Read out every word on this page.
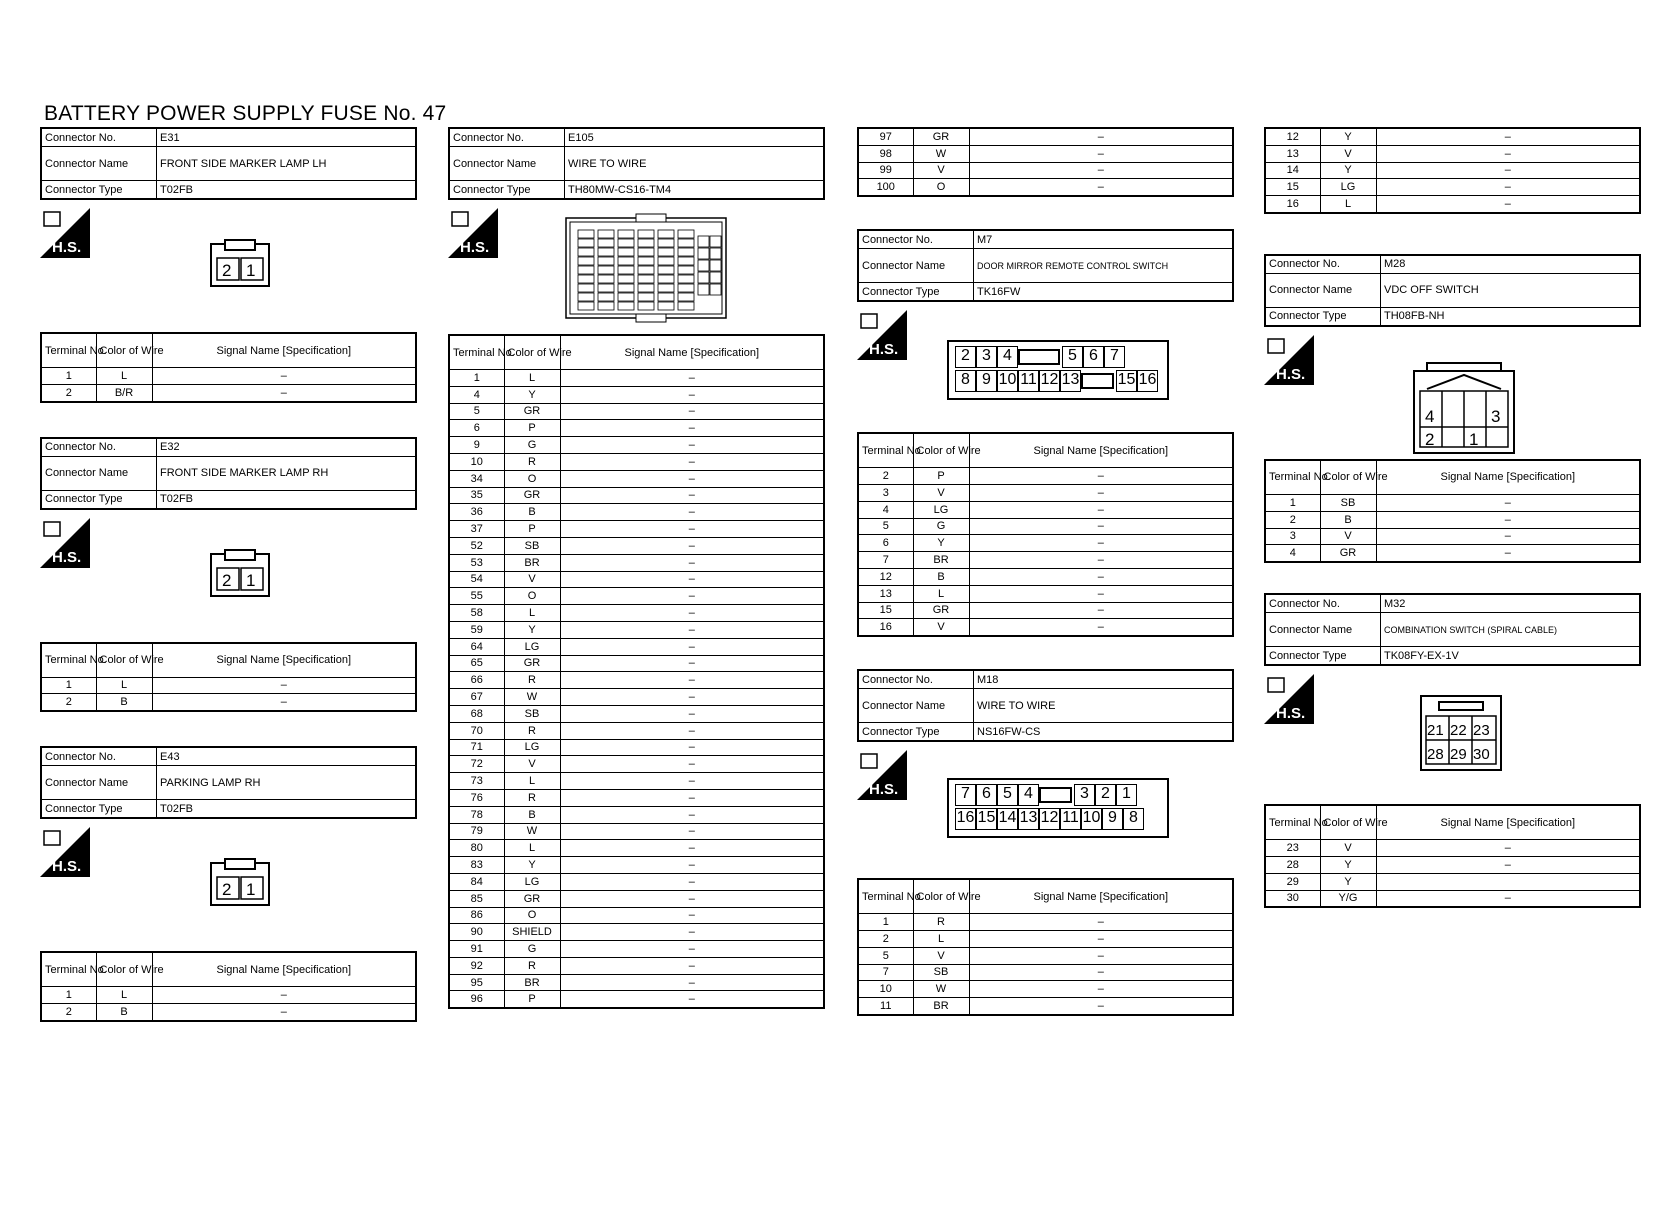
BATTERY POWER SUPPLY FUSE No. 47
Connector No.	E31
Connector Name	FRONT SIDE MARKER LAMP LH
Connector Type	T02FB
H.S.
2 1
Terminal No.	Color of Wire	Signal Name [Specification]
1	L	–
2	B/R	–
Connector No.	E32
Connector Name	FRONT SIDE MARKER LAMP RH
Connector Type	T02FB
H.S.
2 1
Terminal No.	Color of Wire	Signal Name [Specification]
1	L	–
2	B	–
Connector No.	E43
Connector Name	PARKING LAMP RH
Connector Type	T02FB
H.S.
2 1
Terminal No.	Color of Wire	Signal Name [Specification]
1	L	–
2	B	–
Connector No.	E105
Connector Name	WIRE TO WIRE
Connector Type	TH80MW-CS16-TM4
H.S.
Terminal No.	Color of Wire	Signal Name [Specification]
1	L	–
4	Y	–
5	GR	–
6	P	–
9	G	–
10	R	–
34	O	–
35	GR	–
36	B	–
37	P	–
52	SB	–
53	BR	–
54	V	–
55	O	–
58	L	–
59	Y	–
64	LG	–
65	GR	–
66	R	–
67	W	–
68	SB	–
70	R	–
71	LG	–
72	V	–
73	L	–
76	R	–
78	B	–
79	W	–
80	L	–
83	Y	–
84	LG	–
85	GR	–
86	O	–
90	SHIELD	–
91	G	–
92	R	–
95	BR	–
96	P	–
97	GR	–
98	W	–
99	V	–
100	O	–
Connector No.	M7
Connector Name	DOOR MIRROR REMOTE CONTROL SWITCH
Connector Type	TK16FW
H.S.	2 3 4	5 6 7
8 9 10 11 12 13 15 16
Terminal No.	Color of Wire	Signal Name [Specification]
2	P	–
3	V	–
4	LG	–
5	G	–
6	Y	–
7	BR	–
12	B	–
13	L	–
15	GR	–
16	V	–
Connector No.	M18
Connector Name	WIRE TO WIRE
Connector Type	NS16FW-CS
H.S.	7 6 5 4	3 2 1
16 15 14 13 12 11 10 9 8
Terminal No.	Color of Wire	Signal Name [Specification]
1	R	–
2	L	–
5	V	–
7	SB	–
10	W	–
11	BR	–
12	Y	–
13	V	–
14	Y	–
15	LG	–
16	L	–
Connector No.	M28
Connector Name	VDC OFF SWITCH
Connector Type	TH08FB-NH
H.S.
4	3
2 1
Terminal No.	Color of Wire	Signal Name [Specification]
1	SB	–
2	B	–
3	V	–
4	GR	–
Connector No.	M32
Connector Name	COMBINATION SWITCH (SPIRAL CABLE)
Connector Type	TK08FY-EX-1V
H.S.
21 22 23
28 29 30
Terminal No.	Color of Wire	Signal Name [Specification]
23	V	–
28	Y	–
29	Y	
30	Y/G	–
